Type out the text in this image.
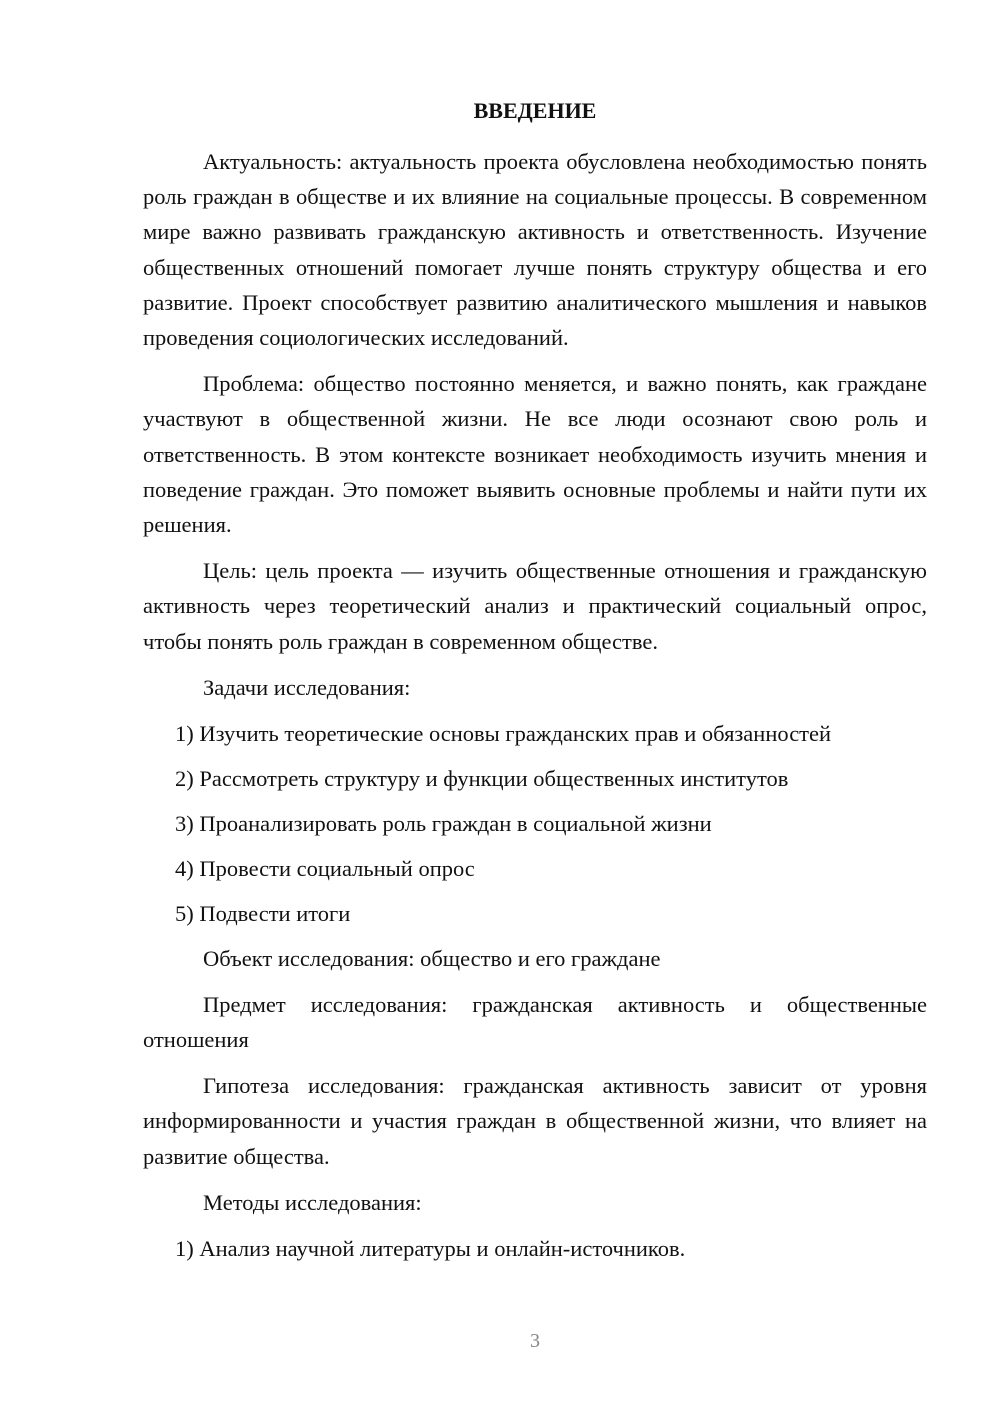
ВВЕДЕНИЕ

Актуальность: актуальность проекта обусловлена необходимостью понять роль граждан в обществе и их влияние на социальные процессы. В современном мире важно развивать гражданскую активность и ответственность. Изучение общественных отношений помогает лучше понять структуру общества и его развитие. Проект способствует развитию аналитического мышления и навыков проведения социологических исследований.

Проблема: общество постоянно меняется, и важно понять, как граждане участвуют в общественной жизни. Не все люди осознают свою роль и ответственность. В этом контексте возникает необходимость изучить мнения и поведение граждан. Это поможет выявить основные проблемы и найти пути их решения.

Цель: цель проекта — изучить общественные отношения и гражданскую активность через теоретический анализ и практический социальный опрос, чтобы понять роль граждан в современном обществе.

Задачи исследования:

1) Изучить теоретические основы гражданских прав и обязанностей
2) Рассмотреть структуру и функции общественных институтов
3) Проанализировать роль граждан в социальной жизни
4) Провести социальный опрос
5) Подвести итоги

Объект исследования: общество и его граждане

Предмет исследования: гражданская активность и общественные отношения

Гипотеза исследования: гражданская активность зависит от уровня информированности и участия граждан в общественной жизни, что влияет на развитие общества.

Методы исследования:

1) Анализ научной литературы и онлайн-источников.
3
